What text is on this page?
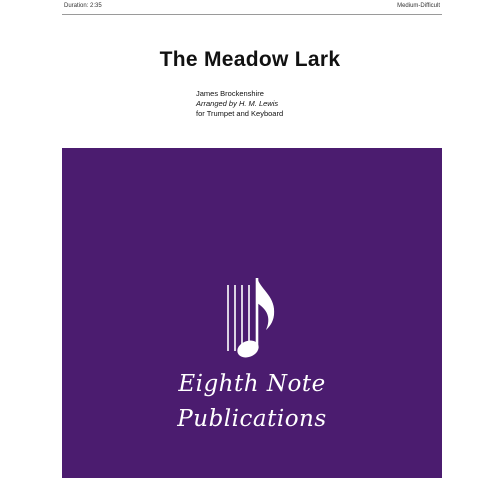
Duration: 2:35	Medium-Difficult
The Meadow Lark
James Brockenshire
Arranged by H. M. Lewis
for Trumpet and Keyboard
Eighth Note
Publications
